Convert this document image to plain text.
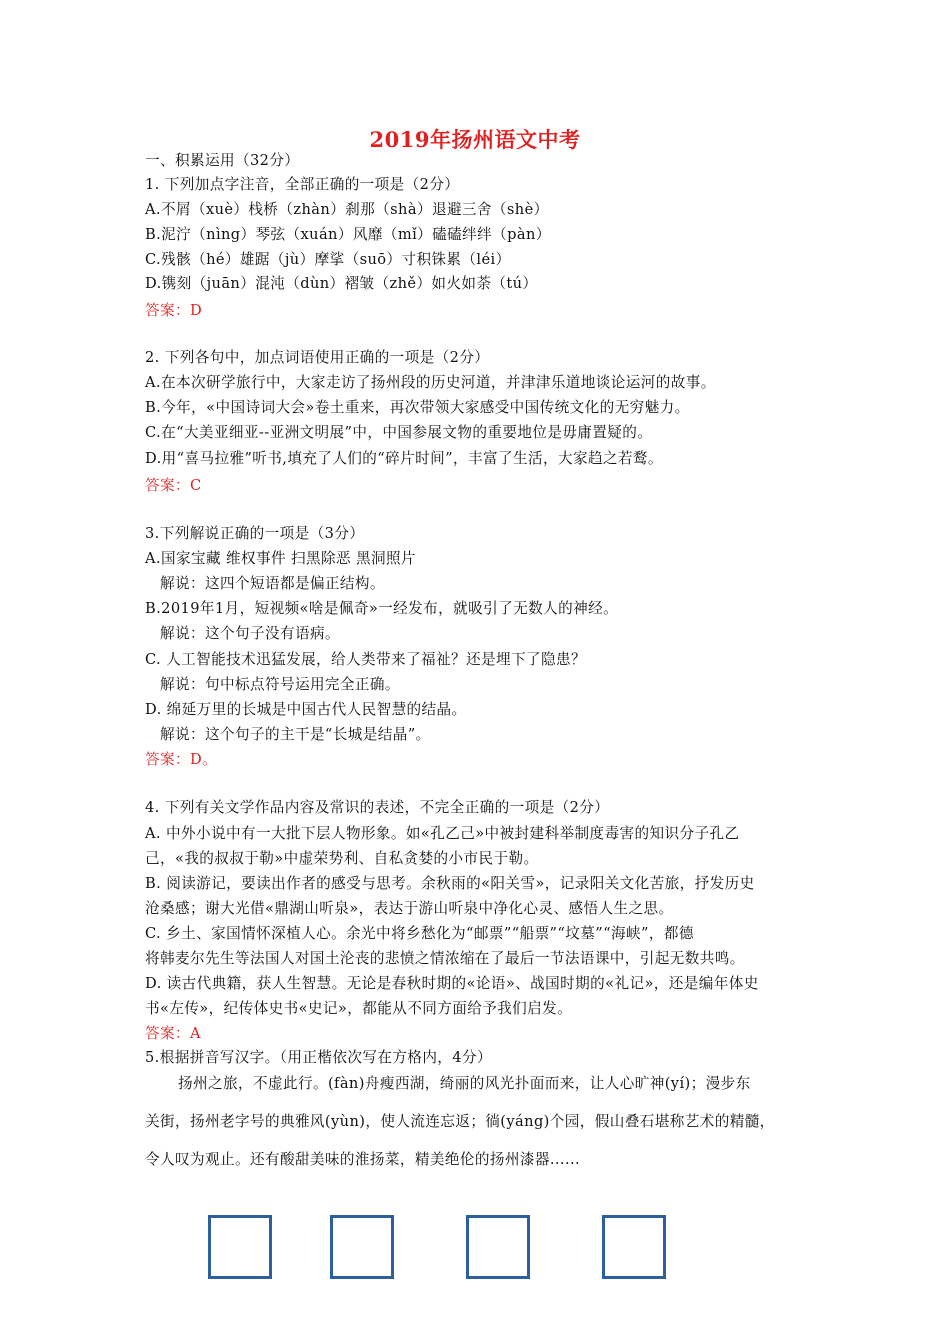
2019年扬州语文中考
一、积累运用（32分）
1. 下列加点字注音，全部正确的一项是（2分）
A.不屑（xuè）栈桥（zhàn）刹那（shà）退避三舍（shè）
B.泥泞（nìng）琴弦（xuán）风靡（mǐ）磕磕绊绊（pàn）
C.残骸（hé）雄踞（jù）摩挲（suō）寸积铢累（léi）
D.镌刻（juān）混沌（dùn）褶皱（zhě）如火如荼（tú）
答案：D
2. 下列各句中，加点词语使用正确的一项是（2分）
A.在本次研学旅行中，大家走访了扬州段的历史河道，并津津乐道地谈论运河的故事。
B.今年，«中国诗词大会»卷土重来，再次带领大家感受中国传统文化的无穷魅力。
C.在“大美亚细亚--亚洲文明展”中，中国参展文物的重要地位是毋庸置疑的。
D.用“喜马拉雅”听书,填充了人们的“碎片时间”，丰富了生活，大家趋之若鹜。
答案：C
3.下列解说正确的一项是（3分）
A.国家宝藏 维权事件 扫黑除恶 黑洞照片
解说：这四个短语都是偏正结构。
B.2019年1月，短视频«啥是佩奇»一经发布，就吸引了无数人的神经。
解说：这个句子没有语病。
C. 人工智能技术迅猛发展，给人类带来了福祉？还是埋下了隐患？
解说：句中标点符号运用完全正确。
D. 绵延万里的长城是中国古代人民智慧的结晶。
解说：这个句子的主干是“长城是结晶”。
答案：D。
4. 下列有关文学作品内容及常识的表述，不完全正确的一项是（2分）
A. 中外小说中有一大批下层人物形象。如«孔乙己»中被封建科举制度毒害的知识分子孔乙
己，«我的叔叔于勒»中虚荣势利、自私贪婪的小市民于勒。
B. 阅读游记，要读出作者的感受与思考。余秋雨的«阳关雪»，记录阳关文化苦旅，抒发历史
沧桑感；谢大光借«鼎湖山听泉»，表达于游山听泉中净化心灵、感悟人生之思。
C. 乡土、家国情怀深植人心。余光中将乡愁化为“邮票”“船票”“坟墓”“海峡”，都德
将韩麦尔先生等法国人对国土沦丧的悲愤之情浓缩在了最后一节法语课中，引起无数共鸣。
D. 读古代典籍，获人生智慧。无论是春秋时期的«论语»、战国时期的«礼记»，还是编年体史
书«左传»，纪传体史书«史记»，都能从不同方面给予我们启发。
答案：A
5.根据拼音写汉字。（用正楷依次写在方格内，4分）
扬州之旅，不虚此行。(fàn)舟瘦西湖，绮丽的风光扑面而来，让人心旷神(yí)；漫步东
关街，扬州老字号的典雅风(yùn)，使人流连忘返；徜(yáng)个园，假山叠石堪称艺术的精髓，
令人叹为观止。还有酸甜美味的淮扬菜，精美绝伦的扬州漆器......
